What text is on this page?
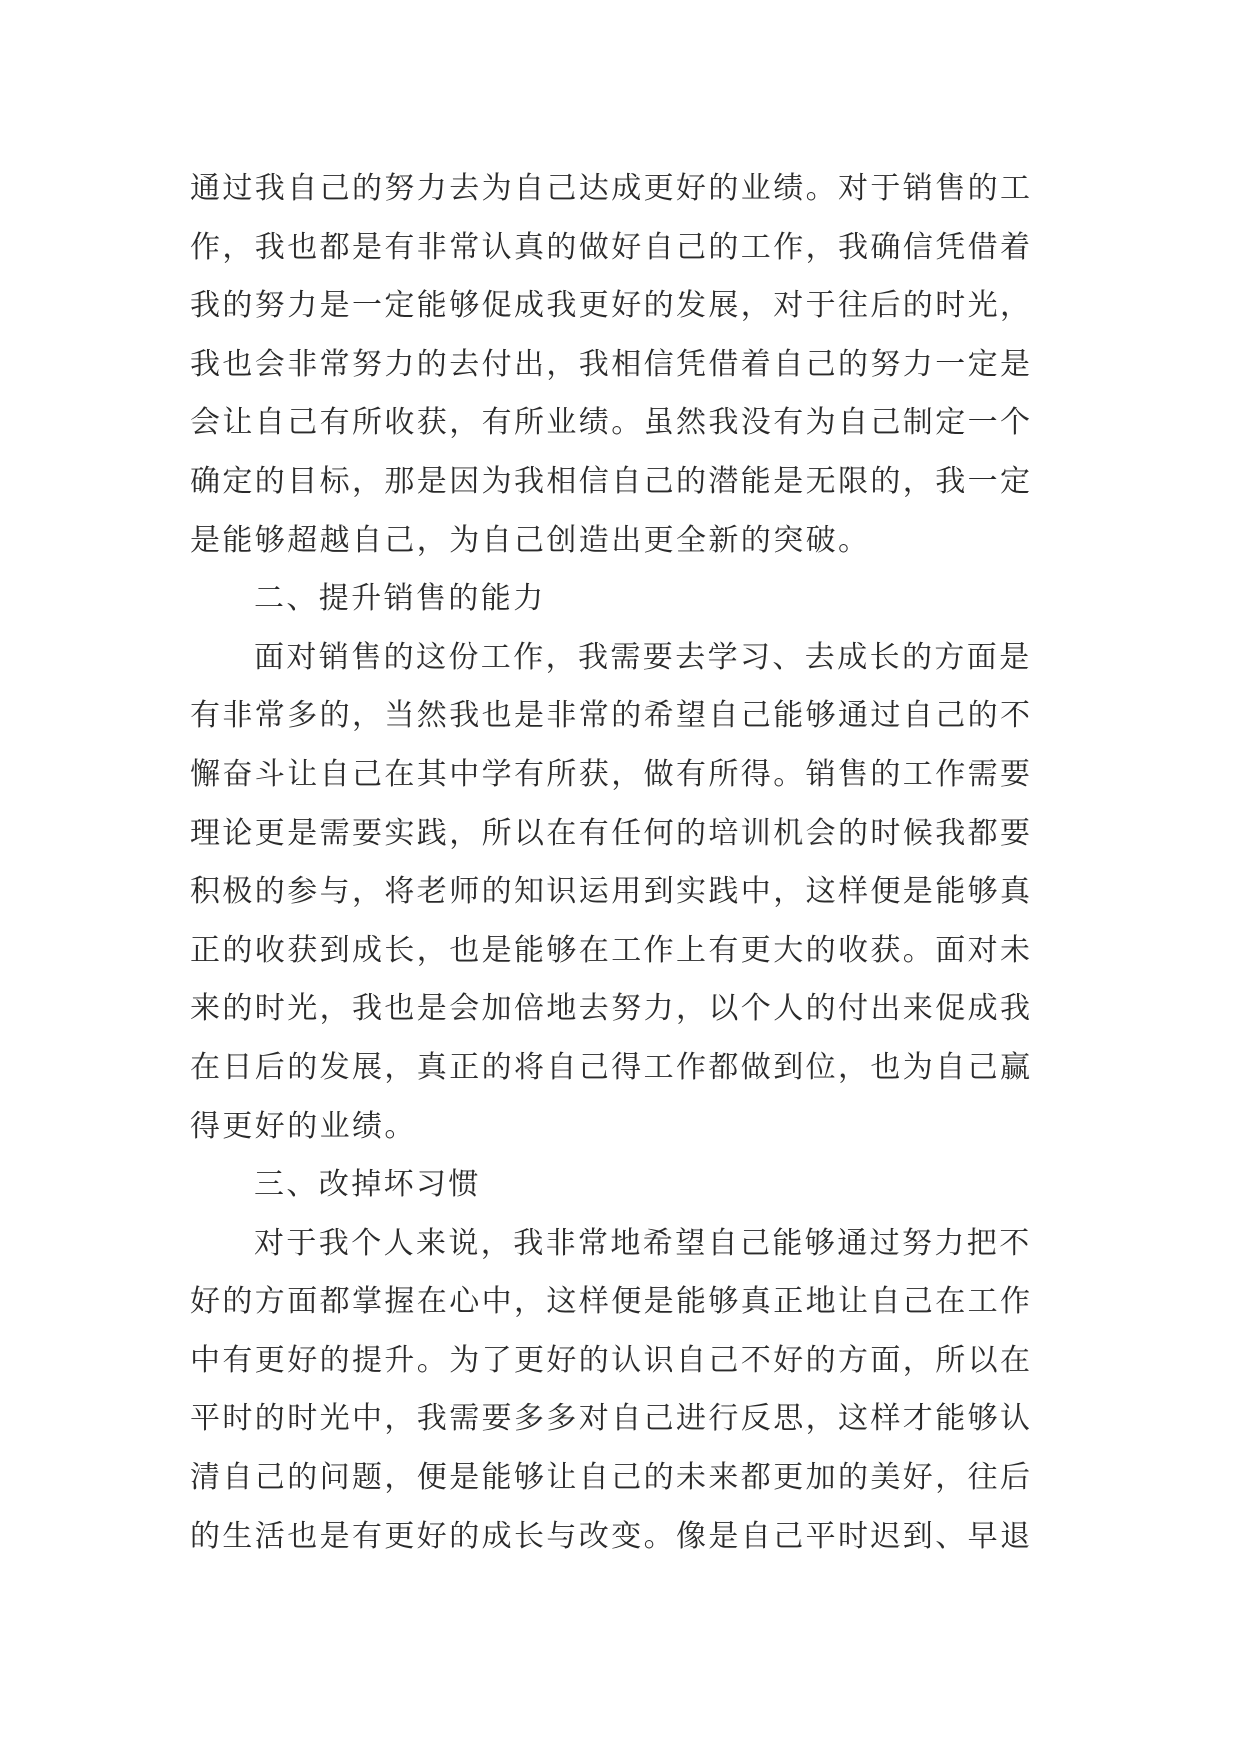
通过我自己的努力去为自己达成更好的业绩。对于销售的工
作，我也都是有非常认真的做好自己的工作，我确信凭借着
我的努力是一定能够促成我更好的发展，对于往后的时光，
我也会非常努力的去付出，我相信凭借着自己的努力一定是
会让自己有所收获，有所业绩。虽然我没有为自己制定一个
确定的目标，那是因为我相信自己的潜能是无限的，我一定
是能够超越自己，为自己创造出更全新的突破。
二、提升销售的能力
面对销售的这份工作，我需要去学习、去成长的方面是
有非常多的，当然我也是非常的希望自己能够通过自己的不
懈奋斗让自己在其中学有所获，做有所得。销售的工作需要
理论更是需要实践，所以在有任何的培训机会的时候我都要
积极的参与，将老师的知识运用到实践中，这样便是能够真
正的收获到成长，也是能够在工作上有更大的收获。面对未
来的时光，我也是会加倍地去努力，以个人的付出来促成我
在日后的发展，真正的将自己得工作都做到位，也为自己赢
得更好的业绩。
三、改掉坏习惯
对于我个人来说，我非常地希望自己能够通过努力把不
好的方面都掌握在心中，这样便是能够真正地让自己在工作
中有更好的提升。为了更好的认识自己不好的方面，所以在
平时的时光中，我需要多多对自己进行反思，这样才能够认
清自己的问题，便是能够让自己的未来都更加的美好，往后
的生活也是有更好的成长与改变。像是自己平时迟到、早退
